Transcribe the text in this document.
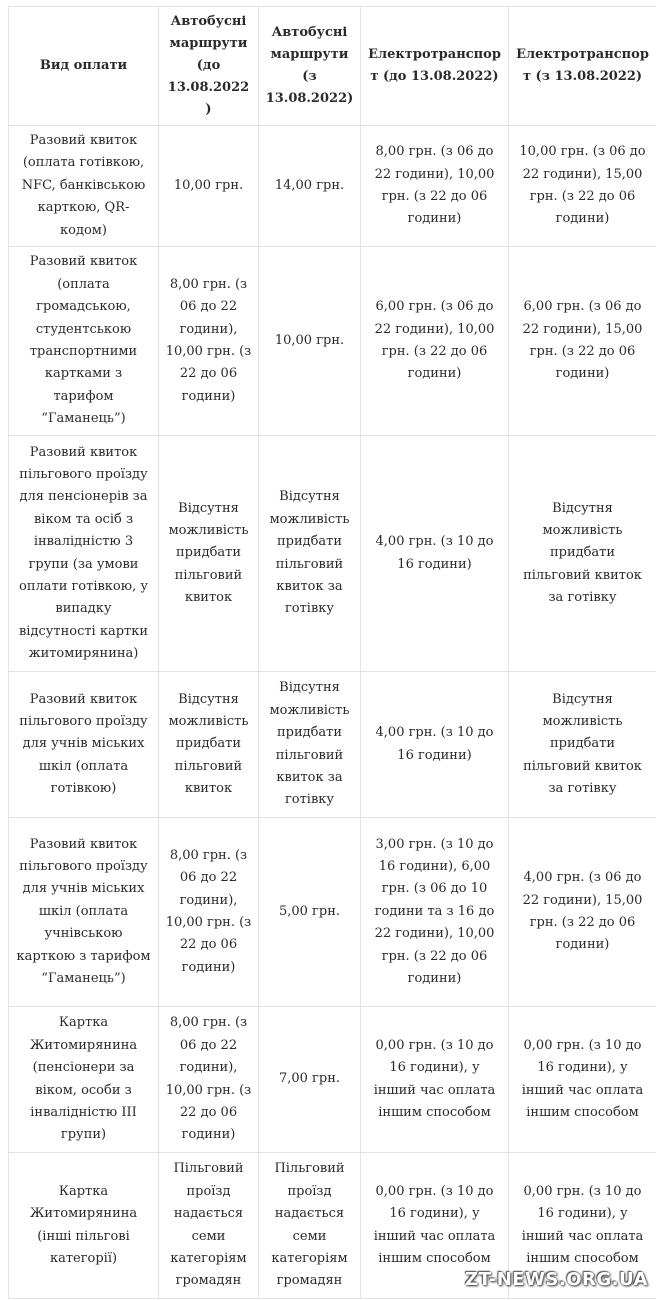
Вид оплати	Автобусні маршрути (до 13.08.2022)	Автобусні маршрути (з 13.08.2022)	Електротранспорт (до 13.08.2022)	Електротранспорт (з 13.08.2022)
Разовий квиток (оплата готівкою, NFC, банківською карткою, QR-кодом)	10,00 грн.	14,00 грн.	8,00 грн. (з 06 до 22 години), 10,00 грн. (з 22 до 06 години)	10,00 грн. (з 06 до 22 години), 15,00 грн. (з 22 до 06 години)
Разовий квиток (оплата громадською, студентською транспортними картками з тарифом “Гаманець”)	8,00 грн. (з 06 до 22 години), 10,00 грн. (з 22 до 06 години)	10,00 грн.	6,00 грн. (з 06 до 22 години), 10,00 грн. (з 22 до 06 години)	6,00 грн. (з 06 до 22 години), 15,00 грн. (з 22 до 06 години)
Разовий квиток пільгового проїзду для пенсіонерів за віком та осіб з інвалідністю 3 групи (за умови оплати готівкою, у випадку відсутності картки житомирянина)	Відсутня можливість придбати пільговий квиток	Відсутня можливість придбати пільговий квиток за готівку	4,00 грн. (з 10 до 16 години)	Відсутня можливість придбати пільговий квиток за готівку
Разовий квиток пільгового проїзду для учнів міських шкіл (оплата готівкою)	Відсутня можливість придбати пільговий квиток	Відсутня можливість придбати пільговий квиток за готівку	4,00 грн. (з 10 до 16 години)	Відсутня можливість придбати пільговий квиток за готівку
Разовий квиток пільгового проїзду для учнів міських шкіл (оплата учнівською карткою з тарифом “Гаманець”)	8,00 грн. (з 06 до 22 години), 10,00 грн. (з 22 до 06 години)	5,00 грн.	3,00 грн. (з 10 до 16 години), 6,00 грн. (з 06 до 10 години та з 16 до 22 години), 10,00 грн. (з 22 до 06 години)	4,00 грн. (з 06 до 22 години), 15,00 грн. (з 22 до 06 години)
Картка Житомирянина (пенсіонери за віком, особи з інвалідністю ІІІ групи)	8,00 грн. (з 06 до 22 години), 10,00 грн. (з 22 до 06 години)	7,00 грн.	0,00 грн. (з 10 до 16 години), у інший час оплата іншим способом	0,00 грн. (з 10 до 16 години), у інший час оплата іншим способом
Картка Житомирянина (інші пільгові категорії)	Пільговий проїзд надається семи категоріям громадян	Пільговий проїзд надається семи категоріям громадян	0,00 грн. (з 10 до 16 години), у інший час оплата іншим способом	0,00 грн. (з 10 до 16 години), у інший час оплата іншим способом
ZT-NEWS.ORG.UA
